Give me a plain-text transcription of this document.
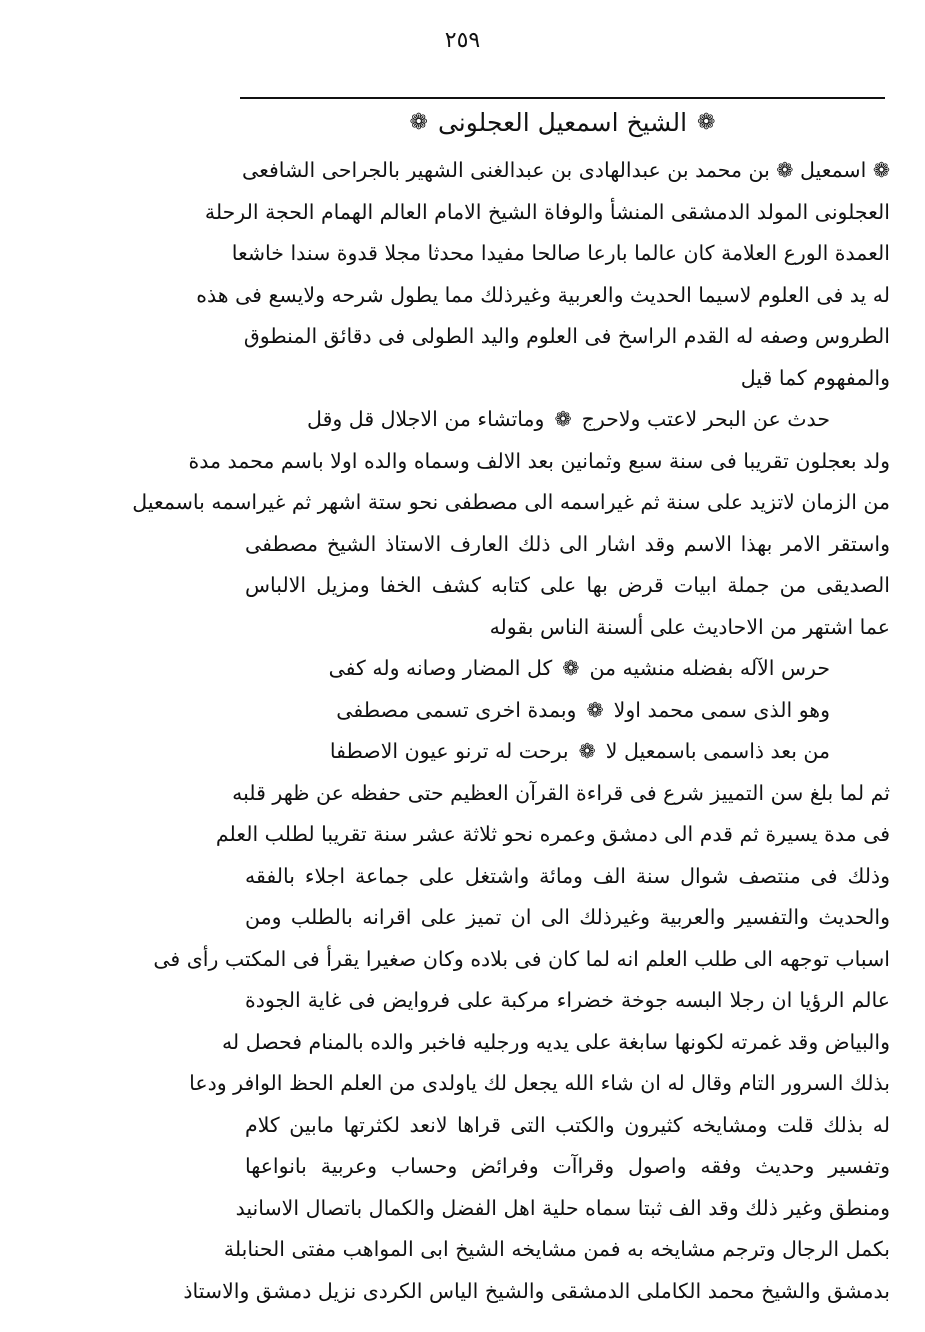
٢٥٩
❁
الشيخ اسمعيل العجلونى
❁
❁ اسمعيل ❁ بن محمد بن عبدالهادى بن عبدالغنى الشهير بالجراحى الشافعى
العجلونى المولد الدمشقى المنشأ والوفاة الشيخ الامام العالم الهمام الحجة الرحلة
العمدة الورع العلامة كان عالما بارعا صالحا مفيدا محدثا مجلا قدوة سندا خاشعا
له يد فى العلوم لاسيما الحديث والعربية وغيرذلك مما يطول شرحه ولايسع فى هذه
الطروس وصفه له القدم الراسخ فى العلوم واليد الطولى فى دقائق المنطوق
والمفهوم كما قيل
حدث عن البحر لاعتب ولاحرج
❁
وماتشاء من الاجلال قل وقل
ولد بعجلون تقريبا فى سنة سبع وثمانين بعد الالف وسماه والده اولا باسم محمد مدة
من الزمان لاتزيد على سنة ثم غيراسمه الى مصطفى نحو ستة اشهر ثم غيراسمه باسمعيل
واستقر الامر بهذا الاسم وقد اشار الى ذلك العارف الاستاذ الشيخ مصطفى
الصديقى من جملة ابيات قرض بها على كتابه كشف الخفا ومزيل الالباس
عما اشتهر من الاحاديث على ألسنة الناس بقوله
حرس الآله بفضله منشيه من
❁
كل المضار وصانه وله كفى
وهو الذى سمى محمد اولا
❁
وبمدة اخرى تسمى مصطفى
من بعد ذاسمى باسمعيل لا
❁
برحت له ترنو عيون الاصطفا
ثم لما بلغ سن التمييز شرع فى قراءة القرآن العظيم حتى حفظه عن ظهر قلبه
فى مدة يسيرة ثم قدم الى دمشق وعمره نحو ثلاثة عشر سنة تقريبا لطلب العلم
وذلك فى منتصف شوال سنة الف ومائة واشتغل على جماعة اجلاء بالفقه
والحديث والتفسير والعربية وغيرذلك الى ان تميز على اقرانه بالطلب ومن
اسباب توجهه الى طلب العلم انه لما كان فى بلاده وكان صغيرا يقرأ فى المكتب رأى فى
عالم الرؤيا ان رجلا البسه جوخة خضراء مركبة على فروايض فى غاية الجودة
والبياض وقد غمرته لكونها سابغة على يديه ورجليه فاخبر والده بالمنام فحصل له
بذلك السرور التام وقال له ان شاء الله يجعل لك ياولدى من العلم الحظ الوافر ودعا
له بذلك قلت ومشايخه كثيرون والكتب التى قراها لانعد لكثرتها مابين كلام
وتفسير وحديث وفقه واصول وقراآت وفرائض وحساب وعربية بانواعها
ومنطق وغير ذلك وقد الف ثبتا سماه حلية اهل الفضل والكمال باتصال الاسانيد
بكمل الرجال وترجم مشايخه به فمن مشايخه الشيخ ابى المواهب مفتى الحنابلة
بدمشق والشيخ محمد الكاملى الدمشقى والشيخ الياس الكردى نزيل دمشق والاستاذ
